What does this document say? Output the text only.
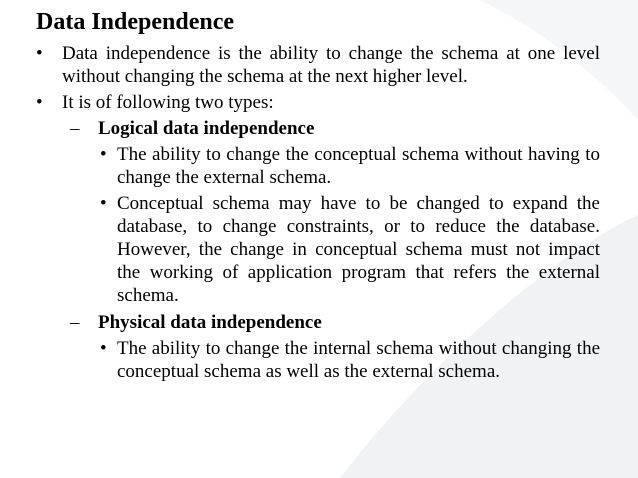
Data Independence
• Data independence is the ability to change the schema at one level without changing the schema at the next higher level.
• It is of following two types:
– Logical data independence
• The ability to change the conceptual schema without having to change the external schema.
• Conceptual schema may have to be changed to expand the database, to change constraints, or to reduce the database. However, the change in conceptual schema must not impact the working of application program that refers the external schema.
– Physical data independence
• The ability to change the internal schema without changing the conceptual schema as well as the external schema.
